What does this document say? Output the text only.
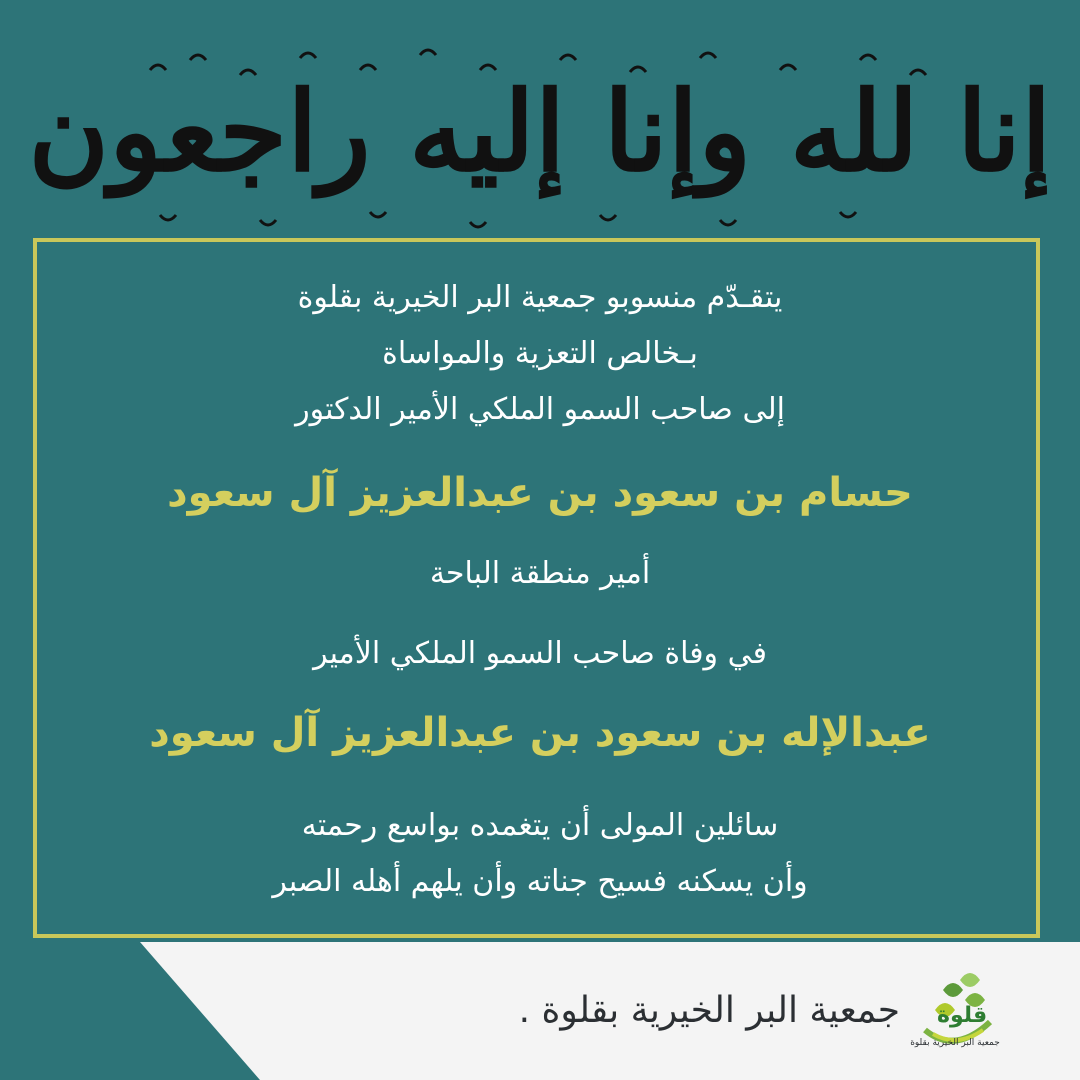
إنا لله وإنا إليه راجعون
يتقـدّم منسوبو جمعية البر الخيرية بقلوة
بـخالص التعزية والمواساة
إلى صاحب السمو الملكي الأمير الدكتور
حسام بن سعود بن عبدالعزيز آل سعود
أمير منطقة الباحة
في وفاة صاحب السمو الملكي الأمير
عبدالإله بن سعود بن عبدالعزيز آل سعود
سائلين المولى أن يتغمده بواسع رحمته
وأن يسكنه فسيح جناته وأن يلهم أهله الصبر
جمعية البر الخيرية بقلوة . قلوة
جمعية البر الخيرية بقلوة
